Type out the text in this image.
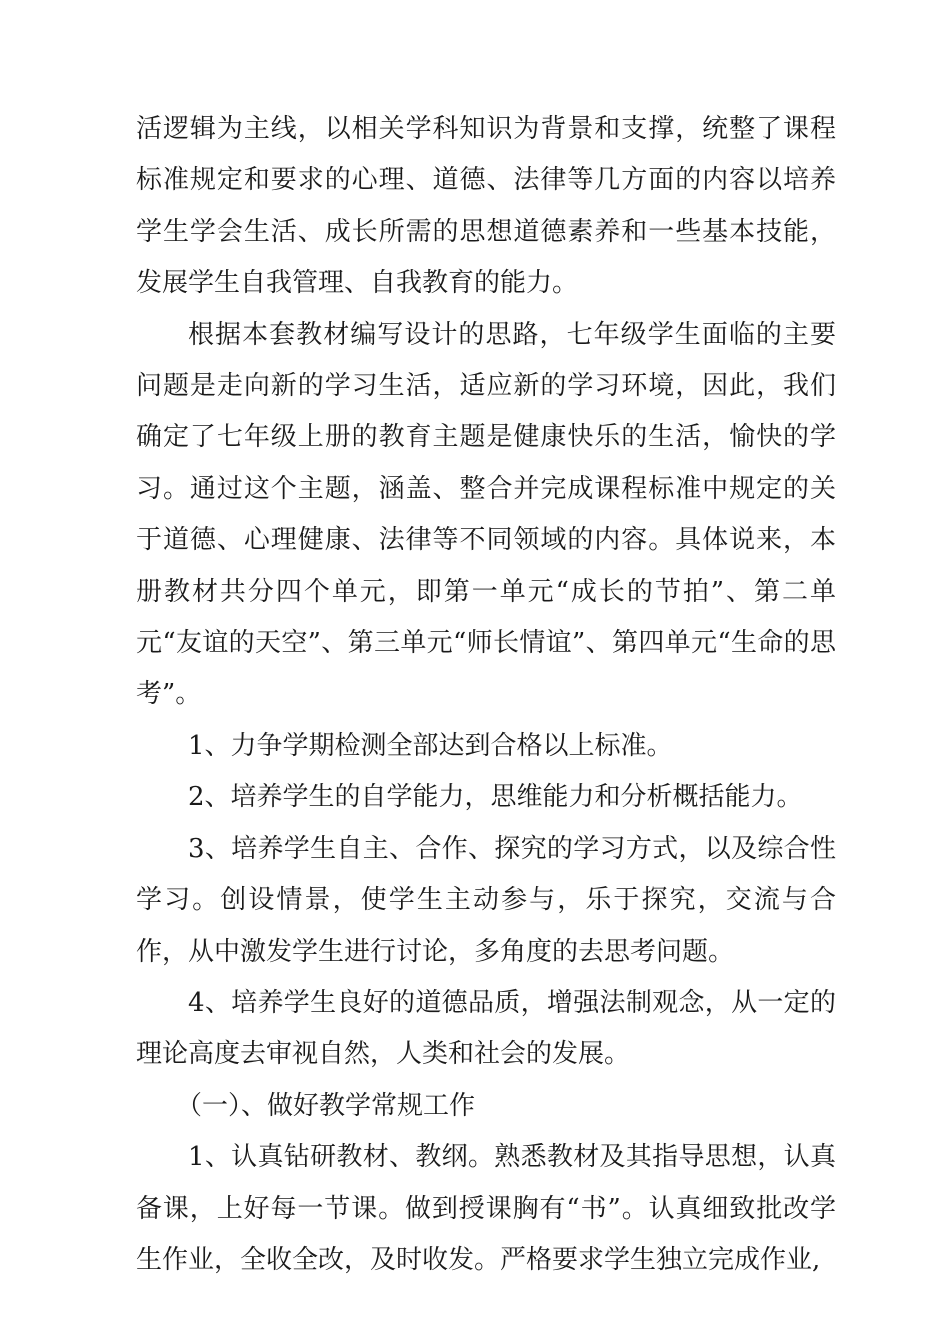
活逻辑为主线，以相关学科知识为背景和支撑，统整了课程标准规定和要求的心理、道德、法律等几方面的内容以培养学生学会生活、成长所需的思想道德素养和一些基本技能，发展学生自我管理、自我教育的能力。

根据本套教材编写设计的思路，七年级学生面临的主要问题是走向新的学习生活，适应新的学习环境，因此，我们确定了七年级上册的教育主题是健康快乐的生活，愉快的学习。通过这个主题，涵盖、整合并完成课程标准中规定的关于道德、心理健康、法律等不同领域的内容。具体说来，本册教材共分四个单元，即第一单元“成长的节拍”、第二单元“友谊的天空”、第三单元“师长情谊”、第四单元“生命的思考”。

1、力争学期检测全部达到合格以上标准。

2、培养学生的自学能力，思维能力和分析概括能力。

3、培养学生自主、合作、探究的学习方式，以及综合性学习。创设情景，使学生主动参与，乐于探究，交流与合作，从中激发学生进行讨论，多角度的去思考问题。

4、培养学生良好的道德品质，增强法制观念，从一定的理论高度去审视自然，人类和社会的发展。

（一）、做好教学常规工作

1、认真钻研教材、教纲。熟悉教材及其指导思想，认真备课，上好每一节课。做到授课胸有“书”。认真细致批改学生作业，全收全改，及时收发。严格要求学生独立完成作业,
